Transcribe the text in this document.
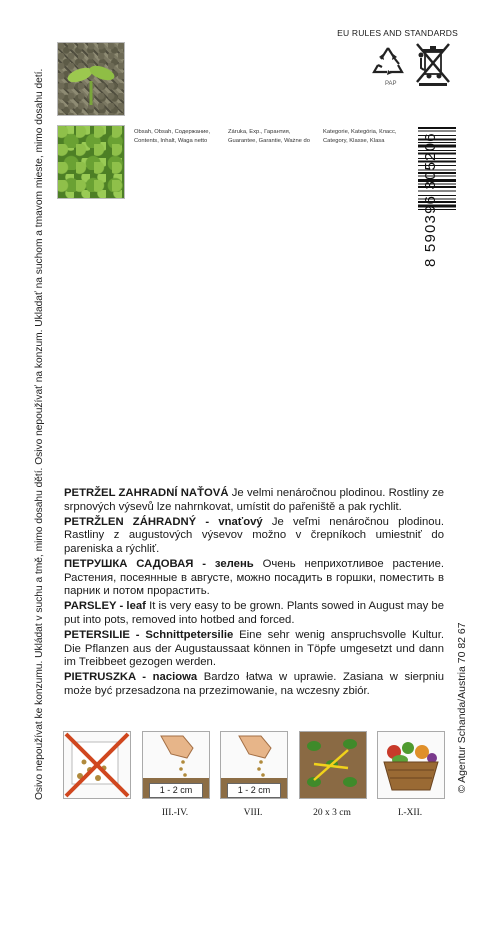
Osivo nepoužívat ke konzumu. Ukládat v suchu a tmě, mimo dosahu dětí. Osivo nepoužívať na konzum. Ukladať na suchom a tmavom mieste, mimo dosahu detí.	© Agentur Schanda/Austria 70 82 67
Obsah, Obsah, Содержание,
Contents, Inhalt, Waga netto
Záruka, Exp., Гарантия,
Guarantee, Garantie, Ważne do
Kategorie, Kategória, Класс,
Category, Klasse, Klasa
EU RULES AND STANDARDS
PAP
8 590396 305206

PETRŽEL ZAHRADNÍ NAŤOVÁ Je velmi nenáročnou plodinou. Rostliny ze srpnových výsevů lze nahrnkovat, umístit do pařeniště a pak rychlit.

PETRŽLEN ZÁHRADNÝ - vnaťový Je veľmi nenáročnou plodinou. Rastliny z augustových výsevov možno v črepníkoch umiestniť do pareniska a rýchliť.

ПЕТРУШКА САДОВАЯ - зелень Очень неприхотливое растение. Растения, посеянные в августе, можно посадить в горшки, поместить в парник и потом прорастить.

PARSLEY - leaf It is very easy to be grown. Plants sowed in August may be put into pots, removed into hotbed and forced.

PETERSILIE - Schnittpetersilie Eine sehr wenig anspruchsvolle Kultur. Die Pflanzen aus der Augustaussaat können in Töpfe umgesetzt und dann im Treibbeet gezogen werden.

PIETRUSZKA - naciowa Bardzo łatwa w uprawie. Zasiana w sierpniu może być przesadzona na przezimowanie, na wczesny zbiór.

1 - 2 cm
III.-IV.
1 - 2 cm
VIII.	20 x 3 cm	I.-XII.
